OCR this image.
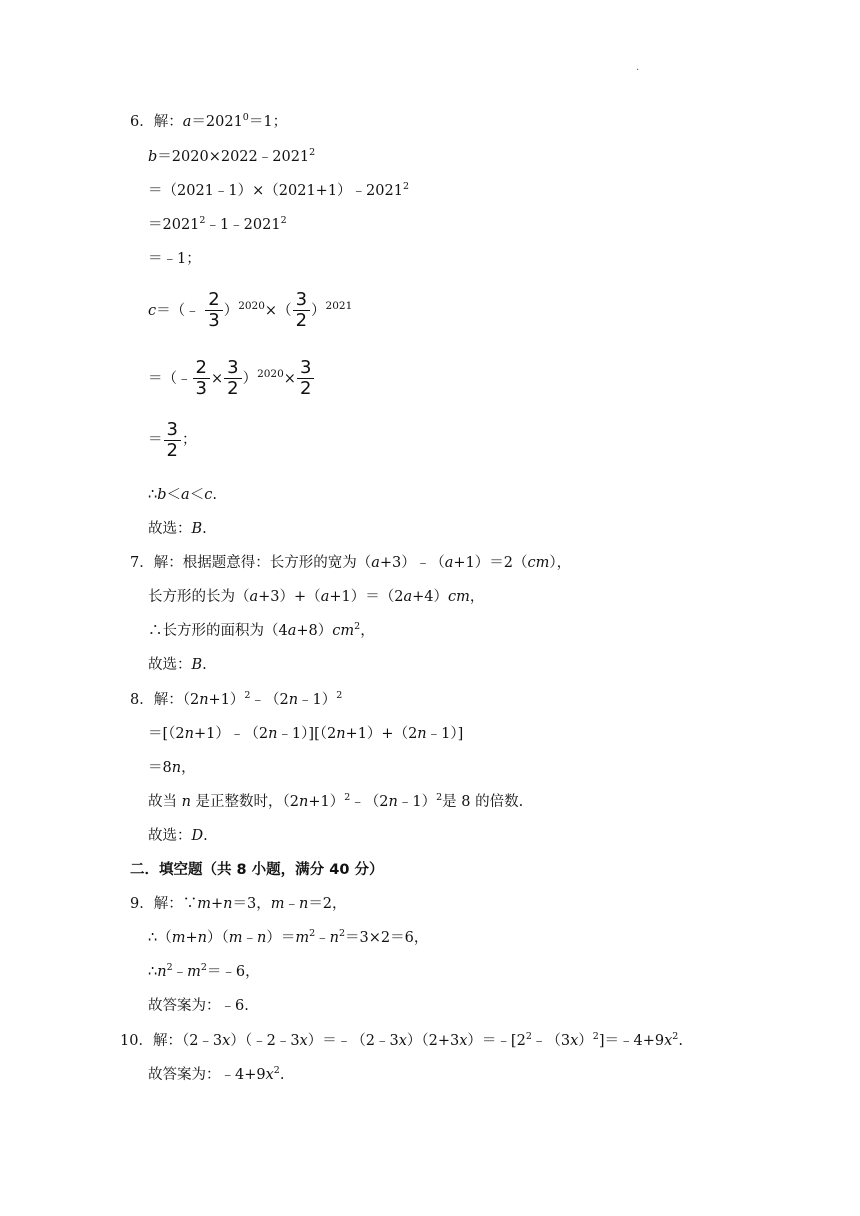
.
6．解：$a=2021^0=1$；
$b=2020\times 2022﹣2021^2$
$=(2021﹣1)\times(2021+1)﹣2021^2$
$=2021^2﹣1﹣2021^2$
＝﹣1；
c＝（﹣ $\frac{2}{3} )^{2020}\times( \frac{3}{2} )^{2021}$
＝（﹣ $\frac{2}{3} \times \frac{3}{2} )^{2020}\times \frac{3}{2}$
＝ $\frac{3}{2}$ ；
∴b＜a＜c.
故选：B.
7．解：根据题意得：长方形的宽为（a+3）﹣（a+1）＝2（cm），
长方形的长为（a+3）+（a+1）＝（2a+4）cm，
∴长方形的面积为$(4a+8)cm^2$，
故选：B.
8．解：$(2n+1)^2﹣(2n﹣1)^2$
＝[（2n+1）﹣（2n﹣1）][（2n+1）+（2n﹣1）]
＝8n，
故当 n 是正整数时，$(2n+1)^2﹣(2n﹣1)^2$是 8 的倍数.
故选：D.
二．填空题（共 8 小题，满分 40 分）
9．解：∵m+n＝3，m﹣n＝2，
$\therefore(m+n)(m﹣n)=m^2﹣n^2=3\times 2=6$，
$\therefore n^2﹣m^2=﹣6$，
故答案为：﹣6.
10．解：$(2﹣3x)(﹣2﹣3x)=﹣(2﹣3x)(2+3x)=﹣[2^2﹣(3x)^2]=﹣4+9x^2$.
故答案为：$﹣4+9x^2$.
